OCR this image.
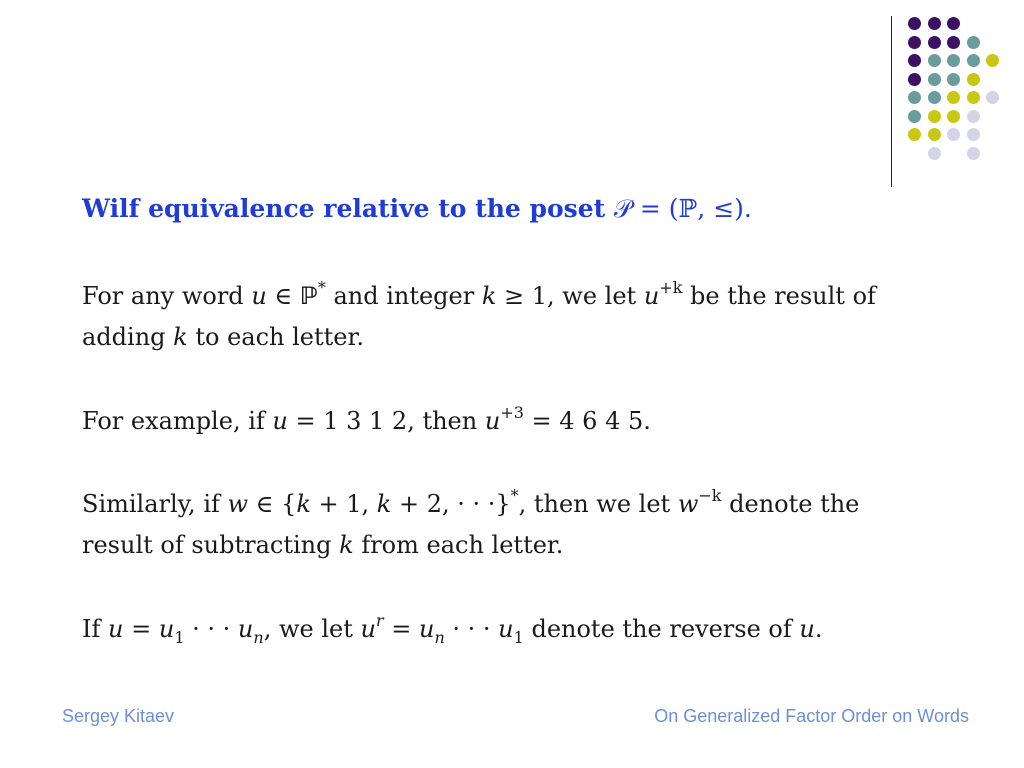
Wilf equivalence relative to the poset 𝒫 = (ℙ, ≤).
For any word u ∈ ℙ* and integer k ≥ 1, we let $u^{+k}$ be the result of
adding k to each letter.
For example, if u = 1 3 1 2, then $u^{+3} = 4$ 6 4 5.
Similarly, if w ∈ {k + 1, k + 2, · · ·}*, then we let $w^{-k}$ denote the
result of subtracting k from each letter.
If $u = u_1$ · · · $u_n$, we let $u^r = u_n$ · · · $u_1$ denote the reverse of u.
Sergey Kitaev	On Generalized Factor Order on Words
